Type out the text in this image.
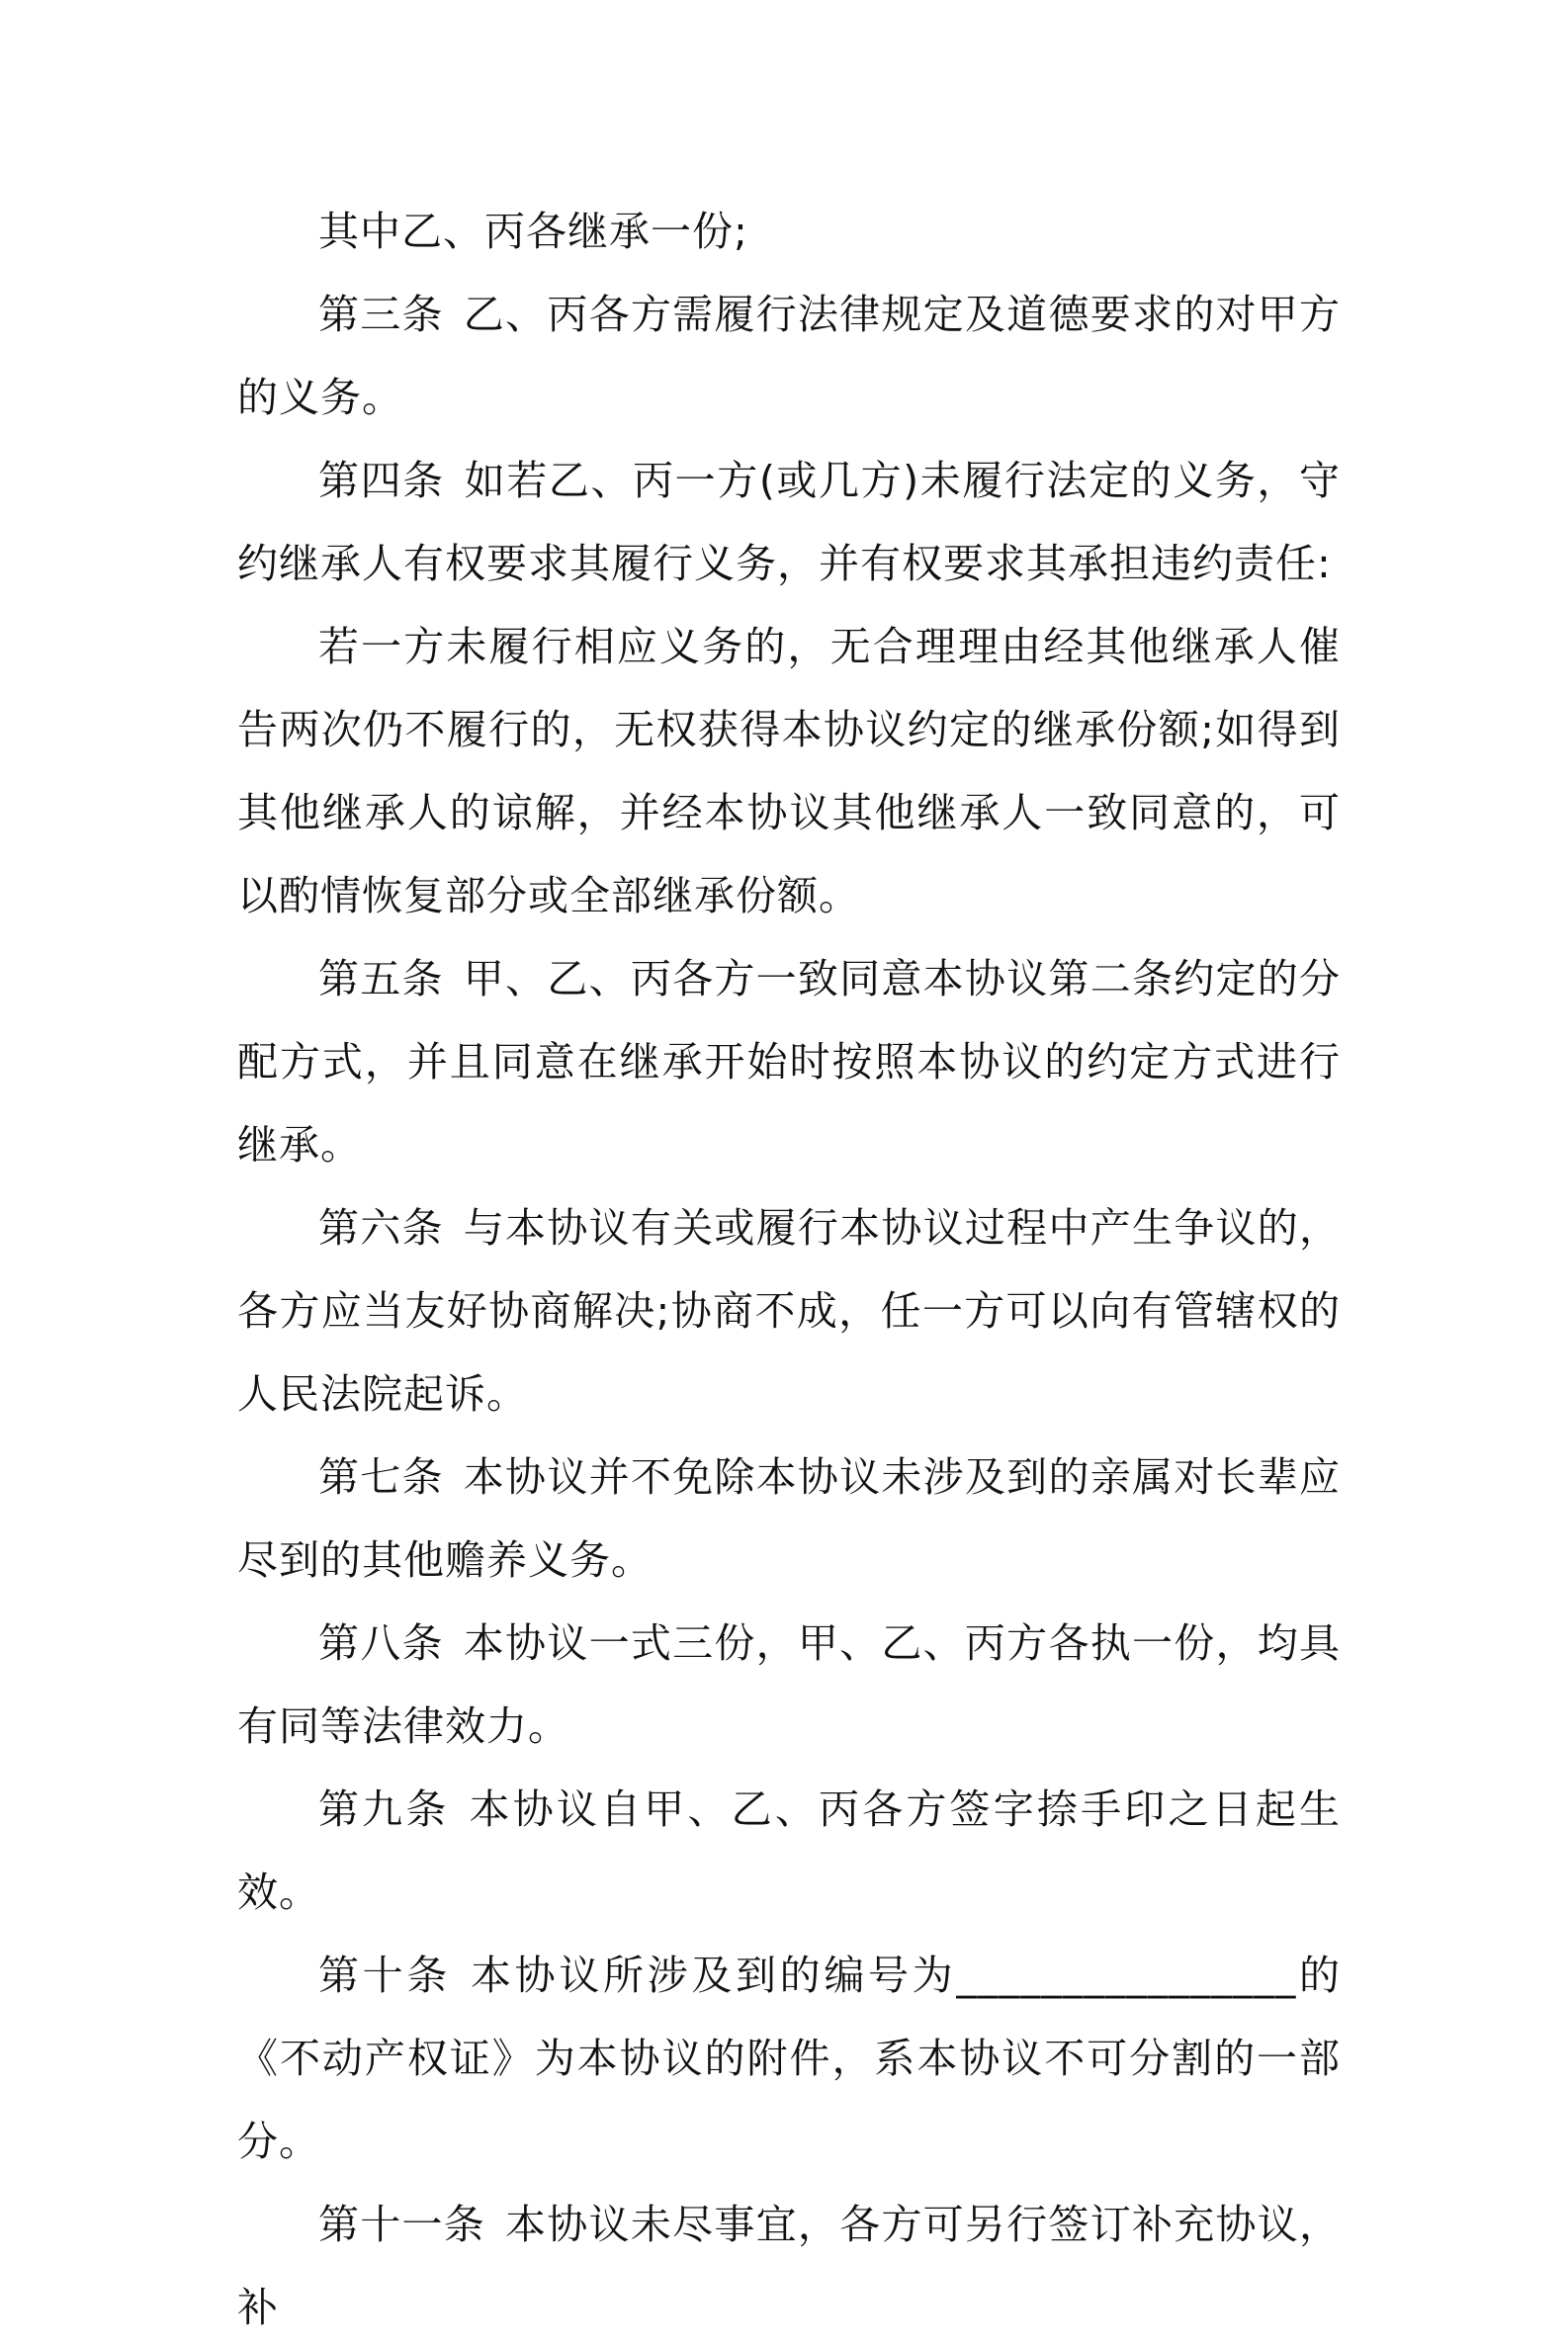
其中乙、丙各继承一份;

第三条 乙、丙各方需履行法律规定及道德要求的对甲方的义务。

第四条 如若乙、丙一方(或几方)未履行法定的义务，守约继承人有权要求其履行义务，并有权要求其承担违约责任:

若一方未履行相应义务的，无合理理由经其他继承人催告两次仍不履行的，无权获得本协议约定的继承份额;如得到其他继承人的谅解，并经本协议其他继承人一致同意的，可以酌情恢复部分或全部继承份额。

第五条 甲、乙、丙各方一致同意本协议第二条约定的分配方式，并且同意在继承开始时按照本协议的约定方式进行继承。

第六条 与本协议有关或履行本协议过程中产生争议的，各方应当友好协商解决;协商不成，任一方可以向有管辖权的人民法院起诉。

第七条 本协议并不免除本协议未涉及到的亲属对长辈应尽到的其他赡养义务。

第八条 本协议一式三份，甲、乙、丙方各执一份，均具有同等法律效力。

第九条 本协议自甲、乙、丙各方签字捺手印之日起生效。

第十条 本协议所涉及到的编号为________________的《不动产权证》为本协议的附件，系本协议不可分割的一部分。

第十一条 本协议未尽事宜，各方可另行签订补充协议，补
